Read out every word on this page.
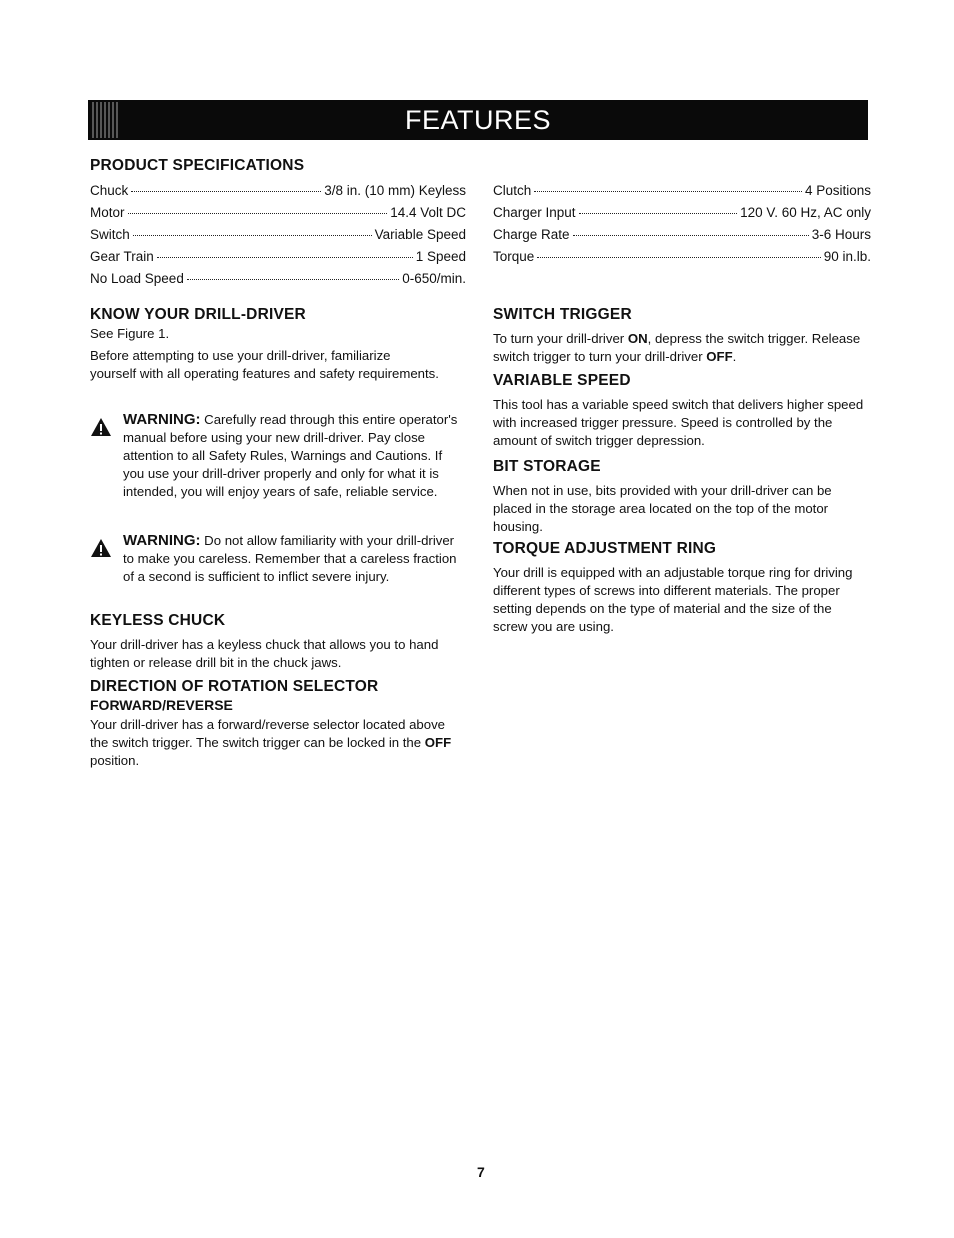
FEATURES
PRODUCT SPECIFICATIONS
Chuck	3/8 in. (10 mm) Keyless
Motor	14.4 Volt DC
Switch	Variable Speed
Gear Train	1 Speed
No Load Speed	0-650/min.
KNOW YOUR DRILL-DRIVER

See Figure 1.

Before attempting to use your drill-driver, familiarize yourself with all operating features and safety requirements.

WARNING: Carefully read through this entire operator's manual before using your new drill-driver. Pay close attention to all Safety Rules, Warnings and Cautions. If you use your drill-driver properly and only for what it is intended, you will enjoy years of safe, reliable service.

WARNING: Do not allow familiarity with your drill-driver to make you careless. Remember that a careless fraction of a second is sufficient to inflict severe injury.

KEYLESS CHUCK

Your drill-driver has a keyless chuck that allows you to hand tighten or release drill bit in the chuck jaws.

DIRECTION OF ROTATION SELECTOR
FORWARD/REVERSE

Your drill-driver has a forward/reverse selector located above the switch trigger. The switch trigger can be locked in the OFF position.

Clutch	4 Positions
Charger Input	120 V. 60 Hz, AC only
Charge Rate	3-6 Hours
Torque	90 in.lb.
SWITCH TRIGGER

To turn your drill-driver ON, depress the switch trigger. Release switch trigger to turn your drill-driver OFF.

VARIABLE SPEED

This tool has a variable speed switch that delivers higher speed with increased trigger pressure. Speed is controlled by the amount of switch trigger depression.

BIT STORAGE

When not in use, bits provided with your drill-driver can be placed in the storage area located on the top of the motor housing.

TORQUE ADJUSTMENT RING

Your drill is equipped with an adjustable torque ring for driving different types of screws into different materials. The proper setting depends on the type of material and the size of the screw you are using.

7
